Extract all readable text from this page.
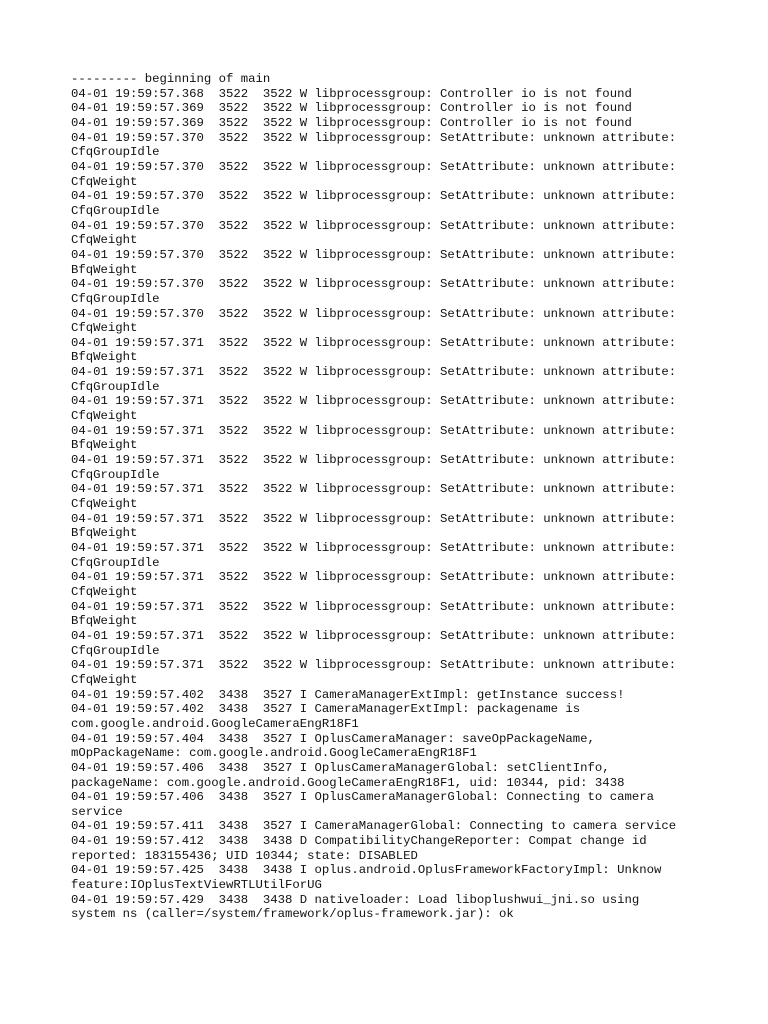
--------- beginning of main
04-01 19:59:57.368  3522  3522 W libprocessgroup: Controller io is not found
04-01 19:59:57.369  3522  3522 W libprocessgroup: Controller io is not found
04-01 19:59:57.369  3522  3522 W libprocessgroup: Controller io is not found
04-01 19:59:57.370  3522  3522 W libprocessgroup: SetAttribute: unknown attribute:
CfqGroupIdle
04-01 19:59:57.370  3522  3522 W libprocessgroup: SetAttribute: unknown attribute:
CfqWeight
04-01 19:59:57.370  3522  3522 W libprocessgroup: SetAttribute: unknown attribute:
CfqGroupIdle
04-01 19:59:57.370  3522  3522 W libprocessgroup: SetAttribute: unknown attribute:
CfqWeight
04-01 19:59:57.370  3522  3522 W libprocessgroup: SetAttribute: unknown attribute:
BfqWeight
04-01 19:59:57.370  3522  3522 W libprocessgroup: SetAttribute: unknown attribute:
CfqGroupIdle
04-01 19:59:57.370  3522  3522 W libprocessgroup: SetAttribute: unknown attribute:
CfqWeight
04-01 19:59:57.371  3522  3522 W libprocessgroup: SetAttribute: unknown attribute:
BfqWeight
04-01 19:59:57.371  3522  3522 W libprocessgroup: SetAttribute: unknown attribute:
CfqGroupIdle
04-01 19:59:57.371  3522  3522 W libprocessgroup: SetAttribute: unknown attribute:
CfqWeight
04-01 19:59:57.371  3522  3522 W libprocessgroup: SetAttribute: unknown attribute:
BfqWeight
04-01 19:59:57.371  3522  3522 W libprocessgroup: SetAttribute: unknown attribute:
CfqGroupIdle
04-01 19:59:57.371  3522  3522 W libprocessgroup: SetAttribute: unknown attribute:
CfqWeight
04-01 19:59:57.371  3522  3522 W libprocessgroup: SetAttribute: unknown attribute:
BfqWeight
04-01 19:59:57.371  3522  3522 W libprocessgroup: SetAttribute: unknown attribute:
CfqGroupIdle
04-01 19:59:57.371  3522  3522 W libprocessgroup: SetAttribute: unknown attribute:
CfqWeight
04-01 19:59:57.371  3522  3522 W libprocessgroup: SetAttribute: unknown attribute:
BfqWeight
04-01 19:59:57.371  3522  3522 W libprocessgroup: SetAttribute: unknown attribute:
CfqGroupIdle
04-01 19:59:57.371  3522  3522 W libprocessgroup: SetAttribute: unknown attribute:
CfqWeight
04-01 19:59:57.402  3438  3527 I CameraManagerExtImpl: getInstance success!
04-01 19:59:57.402  3438  3527 I CameraManagerExtImpl: packagename is
com.google.android.GoogleCameraEngR18F1
04-01 19:59:57.404  3438  3527 I OplusCameraManager: saveOpPackageName,
mOpPackageName: com.google.android.GoogleCameraEngR18F1
04-01 19:59:57.406  3438  3527 I OplusCameraManagerGlobal: setClientInfo,
packageName: com.google.android.GoogleCameraEngR18F1, uid: 10344, pid: 3438
04-01 19:59:57.406  3438  3527 I OplusCameraManagerGlobal: Connecting to camera
service
04-01 19:59:57.411  3438  3527 I CameraManagerGlobal: Connecting to camera service
04-01 19:59:57.412  3438  3438 D CompatibilityChangeReporter: Compat change id
reported: 183155436; UID 10344; state: DISABLED
04-01 19:59:57.425  3438  3438 I oplus.android.OplusFrameworkFactoryImpl: Unknow
feature:IOplusTextViewRTLUtilForUG
04-01 19:59:57.429  3438  3438 D nativeloader: Load liboplushwui_jni.so using
system ns (caller=/system/framework/oplus-framework.jar): ok
